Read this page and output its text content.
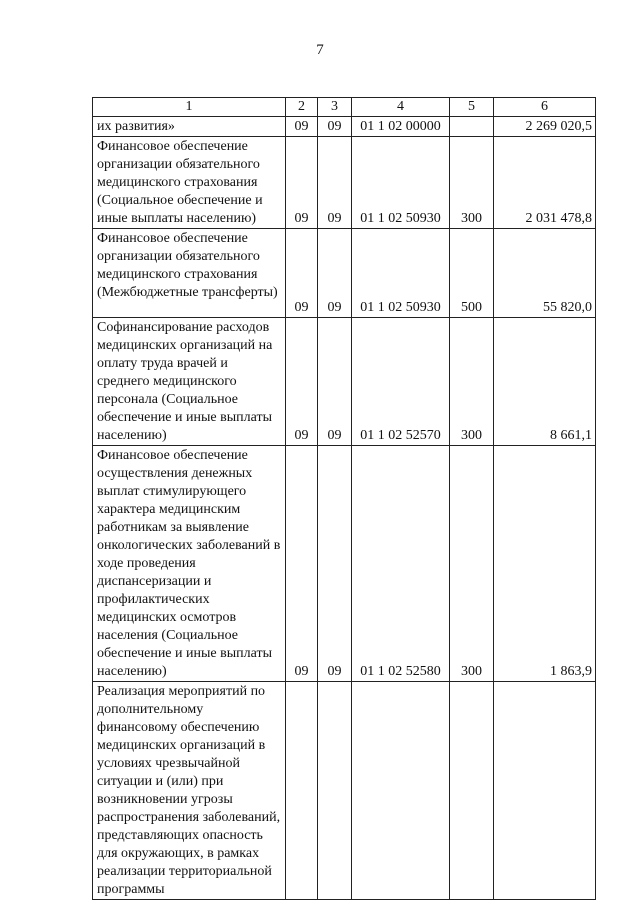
7
1	2	3	4	5	6
их развития»	09	09	01 1 02 00000		2 269 020,5
Финансовое обеспечение организации обязательного медицинского страхования (Социальное обеспечение и иные выплаты населению)	09	09	01 1 02 50930	300	2 031 478,8
Финансовое обеспечение организации обязательного медицинского страхования (Межбюджетные трансферты)	09	09	01 1 02 50930	500	55 820,0
Софинансирование расходов медицинских организаций на оплату труда врачей и среднего медицинского персонала (Социальное обеспечение и иные выплаты населению)	09	09	01 1 02 52570	300	8 661,1
Финансовое обеспечение осуществления денежных выплат стимулирующего характера медицинским работникам за выявление онкологических заболеваний в ходе проведения диспансеризации и профилактических медицинских осмотров населения (Социальное обеспечение и иные выплаты населению)	09	09	01 1 02 52580	300	1 863,9
Реализация мероприятий по дополнительному финансовому обеспечению медицинских организаций в условиях чрезвычайной ситуации и (или) при возникновении угрозы распространения заболеваний, представляющих опасность для окружающих, в рамках реализации территориальной программы					
